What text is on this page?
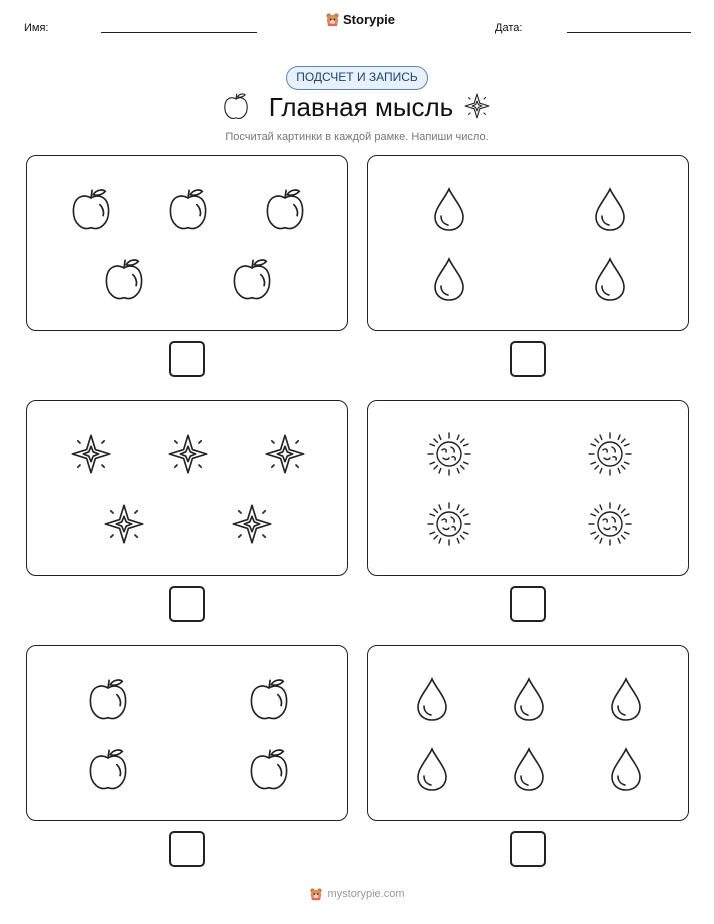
Имя:	Дата:
Storypie
ПОДСЧЕТ И ЗАПИСЬ
Главная мысль
Посчитай картинки в каждой рамке. Напиши число.
mystorypie.com
